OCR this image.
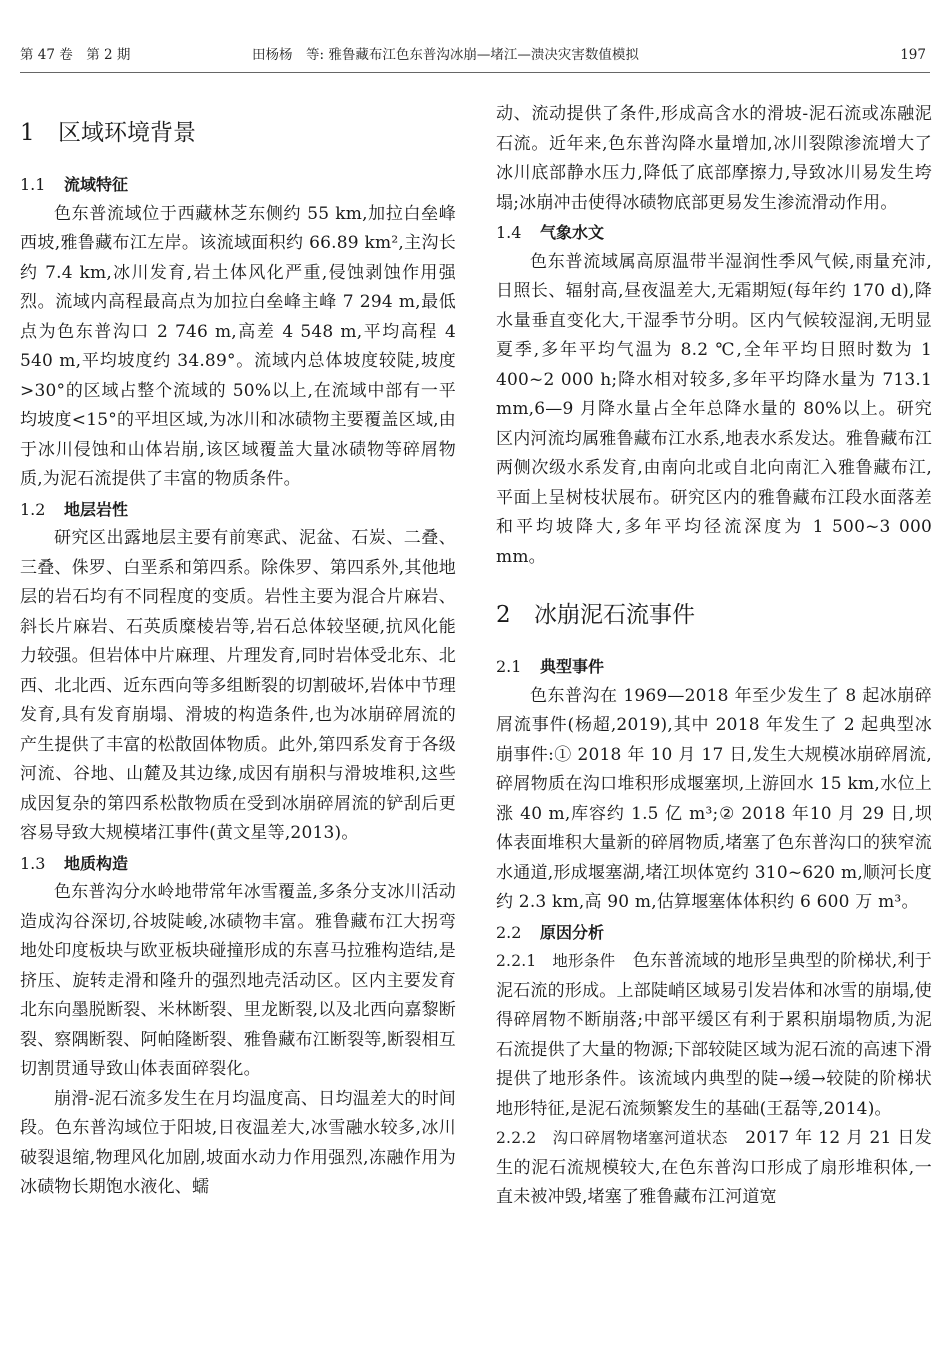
第 47 卷　第 2 期	田杨杨　等: 雅鲁藏布江色东普沟冰崩—堵江—溃决灾害数值模拟	197
1 区域环境背景
1.1 流域特征

色东普流域位于西藏林芝东侧约 55 km,加拉白垒峰西坡,雅鲁藏布江左岸。该流域面积约 66.89 km²,主沟长约 7.4 km,冰川发育,岩土体风化严重,侵蚀剥蚀作用强烈。流域内高程最高点为加拉白垒峰主峰 7 294 m,最低点为色东普沟口 2 746 m,高差 4 548 m,平均高程 4 540 m,平均坡度约 34.89°。流域内总体坡度较陡,坡度>30°的区域占整个流域的 50%以上,在流域中部有一平均坡度<15°的平坦区域,为冰川和冰碛物主要覆盖区域,由于冰川侵蚀和山体岩崩,该区域覆盖大量冰碛物等碎屑物质,为泥石流提供了丰富的物质条件。

1.2 地层岩性

研究区出露地层主要有前寒武、泥盆、石炭、二叠、三叠、侏罗、白垩系和第四系。除侏罗、第四系外,其他地层的岩石均有不同程度的变质。岩性主要为混合片麻岩、斜长片麻岩、石英质糜棱岩等,岩石总体较坚硬,抗风化能力较强。但岩体中片麻理、片理发育,同时岩体受北东、北西、北北西、近东西向等多组断裂的切割破坏,岩体中节理发育,具有发育崩塌、滑坡的构造条件,也为冰崩碎屑流的产生提供了丰富的松散固体物质。此外,第四系发育于各级河流、谷地、山麓及其边缘,成因有崩积与滑坡堆积,这些成因复杂的第四系松散物质在受到冰崩碎屑流的铲刮后更容易导致大规模堵江事件(黄文星等,2013)。

1.3 地质构造

色东普沟分水岭地带常年冰雪覆盖,多条分支冰川活动造成沟谷深切,谷坡陡峻,冰碛物丰富。雅鲁藏布江大拐弯地处印度板块与欧亚板块碰撞形成的东喜马拉雅构造结,是挤压、旋转走滑和隆升的强烈地壳活动区。区内主要发育北东向墨脱断裂、米林断裂、里龙断裂,以及北西向嘉黎断裂、察隅断裂、阿帕隆断裂、雅鲁藏布江断裂等,断裂相互切割贯通导致山体表面碎裂化。

崩滑-泥石流多发生在月均温度高、日均温差大的时间段。色东普沟域位于阳坡,日夜温差大,冰雪融水较多,冰川破裂退缩,物理风化加剧,坡面水动力作用强烈,冻融作用为冰碛物长期饱水液化、蠕

动、流动提供了条件,形成高含水的滑坡-泥石流或冻融泥石流。近年来,色东普沟降水量增加,冰川裂隙渗流增大了冰川底部静水压力,降低了底部摩擦力,导致冰川易发生垮塌;冰崩冲击使得冰碛物底部更易发生渗流滑动作用。

1.4 气象水文

色东普流域属高原温带半湿润性季风气候,雨量充沛,日照长、辐射高,昼夜温差大,无霜期短(每年约 170 d),降水量垂直变化大,干湿季节分明。区内气候较湿润,无明显夏季,多年平均气温为 8.2 ℃,全年平均日照时数为 1 400~2 000 h;降水相对较多,多年平均降水量为 713.1 mm,6—9 月降水量占全年总降水量的 80%以上。研究区内河流均属雅鲁藏布江水系,地表水系发达。雅鲁藏布江两侧次级水系发育,由南向北或自北向南汇入雅鲁藏布江,平面上呈树枝状展布。研究区内的雅鲁藏布江段水面落差和平均坡降大,多年平均径流深度为 1 500~3 000 mm。

2 冰崩泥石流事件
2.1 典型事件

色东普沟在 1969—2018 年至少发生了 8 起冰崩碎屑流事件(杨超,2019),其中 2018 年发生了 2 起典型冰崩事件:① 2018 年 10 月 17 日,发生大规模冰崩碎屑流,碎屑物质在沟口堆积形成堰塞坝,上游回水 15 km,水位上涨 40 m,库容约 1.5 亿 m³;② 2018 年10 月 29 日,坝体表面堆积大量新的碎屑物质,堵塞了色东普沟口的狭窄流水通道,形成堰塞湖,堵江坝体宽约 310~620 m,顺河长度约 2.3 km,高 90 m,估算堰塞体体积约 6 600 万 m³。

2.2 原因分析

2.2.1　 地形条件　 色东普流域的地形呈典型的阶梯状,利于泥石流的形成。上部陡峭区域易引发岩体和冰雪的崩塌,使得碎屑物不断崩落;中部平缓区有利于累积崩塌物质,为泥石流提供了大量的物源;下部较陡区域为泥石流的高速下滑提供了地形条件。该流域内典型的陡→缓→较陡的阶梯状地形特征,是泥石流频繁发生的基础(王磊等,2014)。

2.2.2　 沟口碎屑物堵塞河道状态　 2017 年 12 月 21 日发生的泥石流规模较大,在色东普沟口形成了扇形堆积体,一直未被冲毁,堵塞了雅鲁藏布江河道宽
